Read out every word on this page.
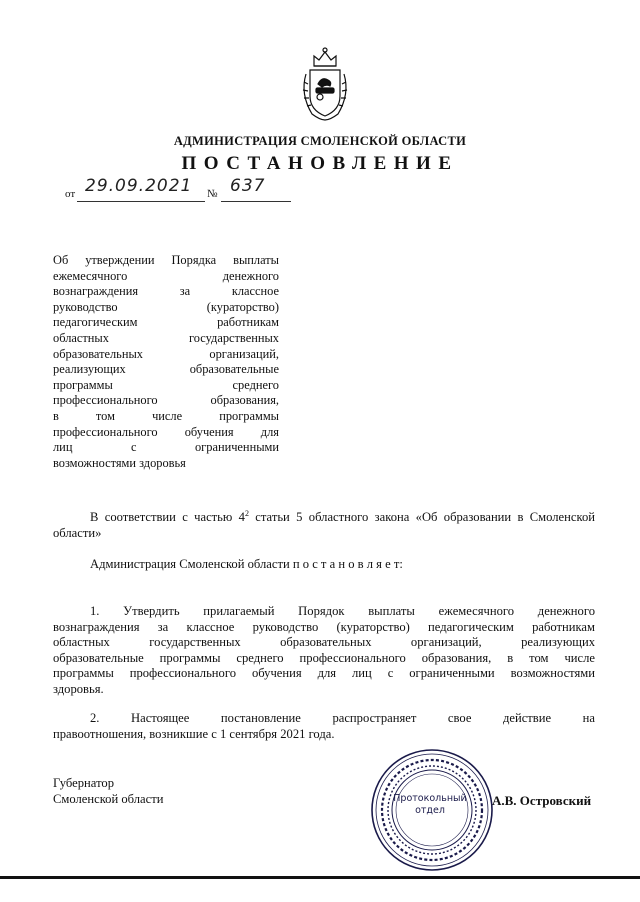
АДМИНИСТРАЦИЯ СМОЛЕНСКОЙ ОБЛАСТИ
ПОСТАНОВЛЕНИЕ
от 29.09.2021 № 637
Об утверждении Порядка выплаты
ежемесячного денежного
вознаграждения за классное
руководство (кураторство)
педагогическим работникам
областных государственных
образовательных организаций,
реализующих образовательные
программы среднего
профессионального образования,
в том числе программы
профессионального обучения для
лиц с ограниченными
возможностями здоровья
В соответствии с частью $4^2$ статьи 5 областного закона «Об образовании в Смоленской области»
Администрация Смоленской области п о с т а н о в л я е т:
1. Утвердить прилагаемый Порядок выплаты ежемесячного денежного
вознаграждения за классное руководство (кураторство) педагогическим работникам
областных государственных образовательных организаций, реализующих
образовательные программы среднего профессионального образования, в том числе
программы профессионального обучения для лиц с ограниченными возможностями
здоровья.
2. Настоящее постановление распространяет свое действие на
правоотношения, возникшие с 1 сентября 2021 года.
Губернатор
Смоленской области	Протокольный
отдел
А.В. Островский
